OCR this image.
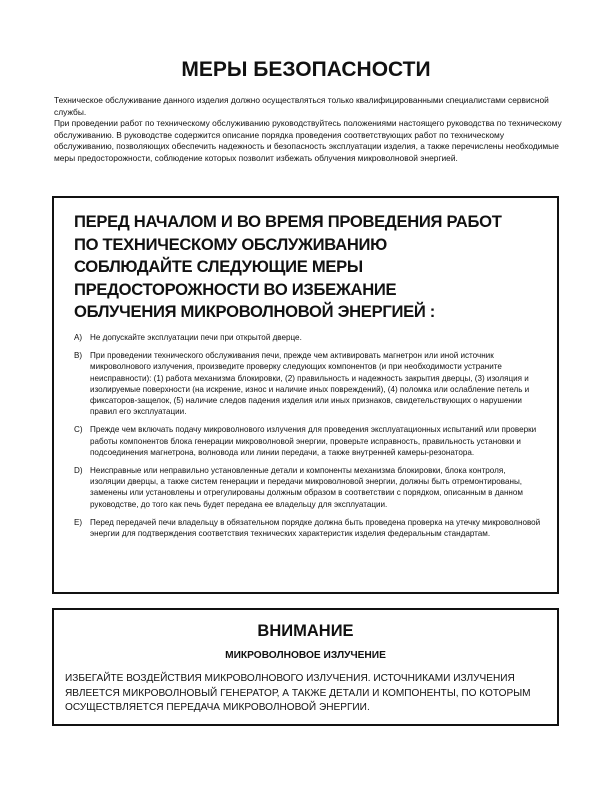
МЕРЫ БЕЗОПАСНОСТИ

Техническое обслуживание данного изделия должно осуществляться только квалифицированными специалистами сервисной службы.

При проведении работ по техническому обслуживанию руководствуйтесь положениями настоящего руководства по техническому обслуживанию. В руководстве содержится описание порядка проведения соответствующих работ по техническому обслуживанию, позволяющих обеспечить надежность и безопасность эксплуатации изделия, а также перечислены необходимые меры предосторожности, соблюдение которых позволит избежать облучения микроволновой энергией.

ПЕРЕД НАЧАЛОМ И ВО ВРЕМЯ ПРОВЕДЕНИЯ РАБОТ
ПО ТЕХНИЧЕСКОМУ ОБСЛУЖИВАНИЮ
СОБЛЮДАЙТЕ СЛЕДУЮЩИЕ МЕРЫ
ПРЕДОСТОРОЖНОСТИ ВО ИЗБЕЖАНИЕ
ОБЛУЧЕНИЯ МИКРОВОЛНОВОЙ ЭНЕРГИЕЙ :
A) Не допускайте эксплуатации печи при открытой дверце.
B) При проведении технического обслуживания печи, прежде чем активировать магнетрон или иной источник микроволнового излучения, произведите проверку следующих компонентов (и при необходимости устраните неисправности): (1) работа механизма блокировки, (2) правильность и надежность закрытия дверцы, (3) изоляция и изолируемые поверхности (на искрение, износ и наличие иных повреждений), (4) поломка или ослабление петель и фиксаторов-защелок, (5) наличие следов падения изделия или иных признаков, свидетельствующих о нарушении правил его эксплуатации.
C) Прежде чем включать подачу микроволнового излучения для проведения эксплуатационных испытаний или проверки работы компонентов блока генерации микроволновой энергии, проверьте исправность, правильность установки и подсоединения магнетрона, волновода или линии передачи, а также внутренней камеры-резонатора.
D) Неисправные или неправильно установленные детали и компоненты механизма блокировки, блока контроля, изоляции дверцы, а также систем генерации и передачи микроволновой энергии, должны быть отремонтированы, заменены или установлены и отрегулированы должным образом в соответствии с порядком, описанным в данном руководстве, до того как печь будет передана ее владельцу для эксплуатации.
E) Перед передачей печи владельцу в обязательном порядке должна быть проведена проверка на утечку микроволновой энергии для подтверждения соответствия технических характеристик изделия федеральным стандартам.
ВНИМАНИЕ
МИКРОВОЛНОВОЕ ИЗЛУЧЕНИЕ
ИЗБЕГАЙТЕ ВОЗДЕЙСТВИЯ МИКРОВОЛНОВОГО ИЗЛУЧЕНИЯ. ИСТОЧНИКАМИ ИЗЛУЧЕНИЯ ЯВЛЕЕТСЯ МИКРОВОЛНОВЫЙ ГЕНЕРАТОР, А ТАКЖЕ ДЕТАЛИ И КОМПОНЕНТЫ, ПО КОТОРЫМ ОСУЩЕСТВЛЯЕТСЯ ПЕРЕДАЧА МИКРОВОЛНОВОЙ ЭНЕРГИИ.
